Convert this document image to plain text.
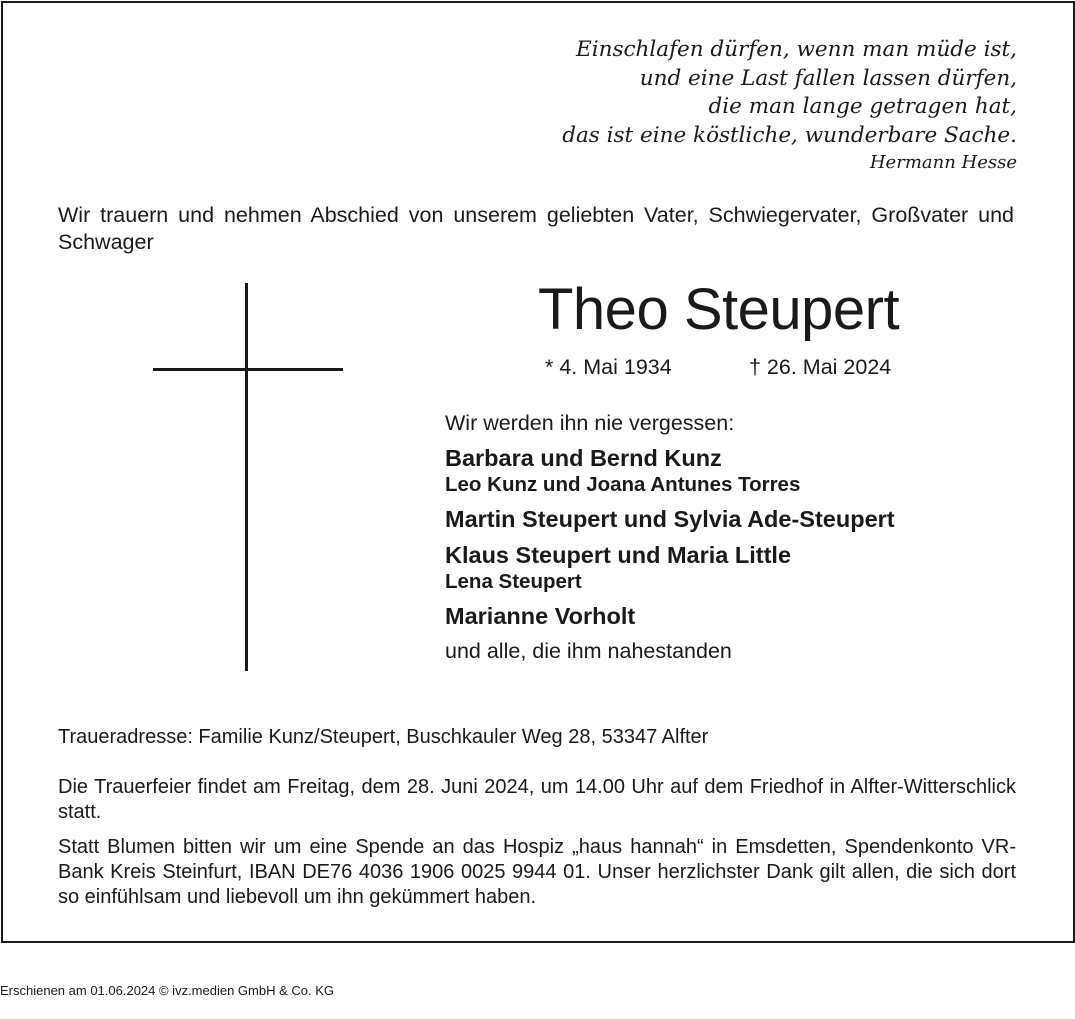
Einschlafen dürfen, wenn man müde ist,
und eine Last fallen lassen dürfen,
die man lange getragen hat,
das ist eine köstliche, wunderbare Sache.
Hermann Hesse
Wir trauern und nehmen Abschied von unserem geliebten Vater, Schwiegervater, Großvater und Schwager
Theo Steupert
* 4. Mai 1934	† 26. Mai 2024
Wir werden ihn nie vergessen:
Barbara und Bernd Kunz
Leo Kunz und Joana Antunes Torres
Martin Steupert und Sylvia Ade-Steupert
Klaus Steupert und Maria Little
Lena Steupert
Marianne Vorholt
und alle, die ihm nahestanden
Traueradresse: Familie Kunz/Steupert, Buschkauler Weg 28, 53347 Alfter
Die Trauerfeier findet am Freitag, dem 28. Juni 2024, um 14.00 Uhr auf dem Friedhof in Alfter-Witterschlick statt.
Statt Blumen bitten wir um eine Spende an das Hospiz „haus hannah“ in Emsdetten, Spendenkonto VR-Bank Kreis Steinfurt, IBAN DE76 4036 1906 0025 9944 01. Unser herzlichster Dank gilt allen, die sich dort so einfühlsam und liebevoll um ihn gekümmert haben.
Erschienen am 01.06.2024 © ivz.medien GmbH & Co. KG
